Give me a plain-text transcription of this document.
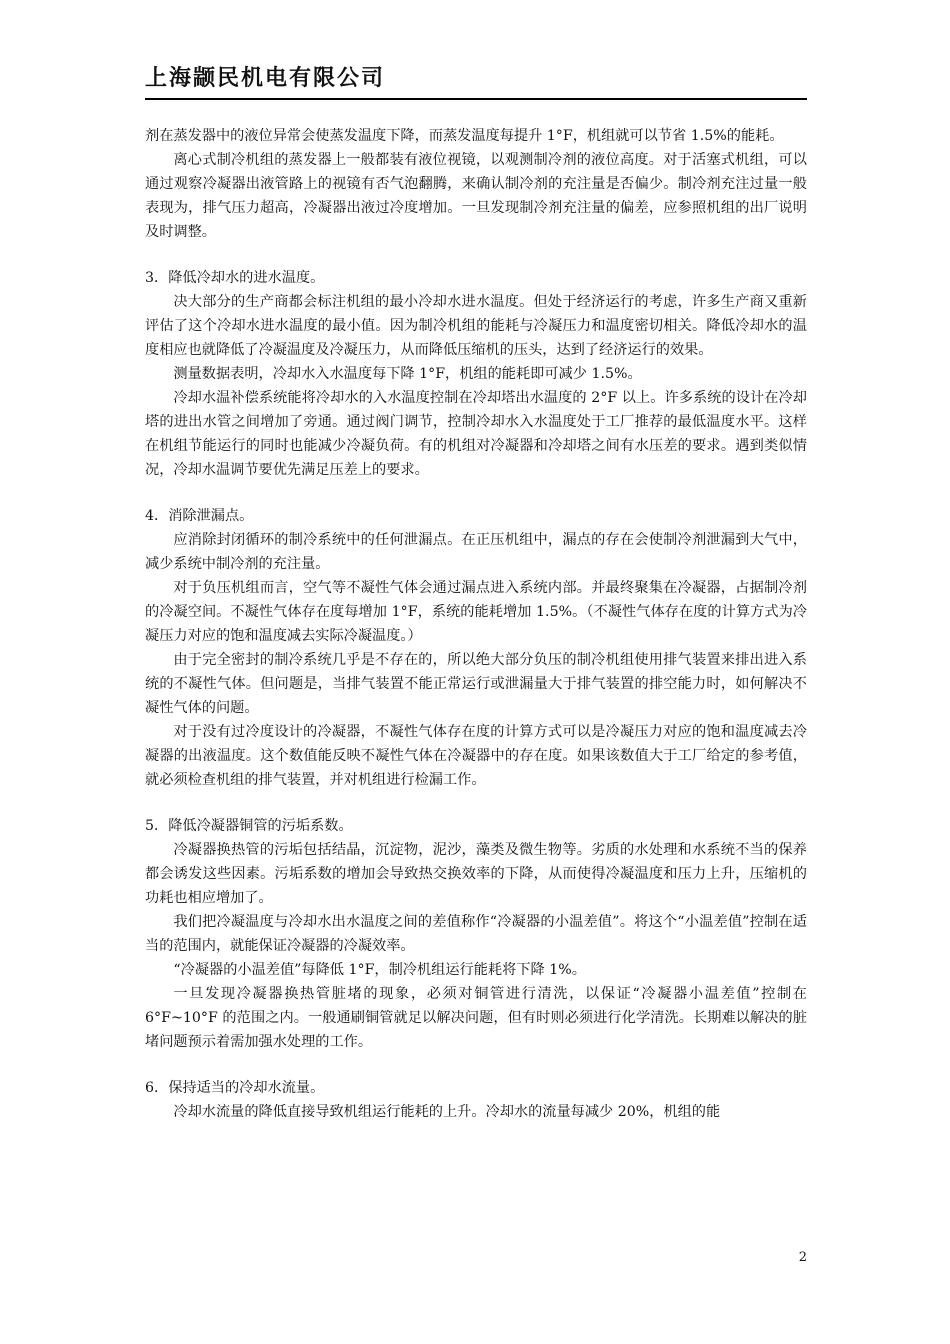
上海颛民机电有限公司

剂在蒸发器中的液位异常会使蒸发温度下降，而蒸发温度每提升 1°F，机组就可以节省 1.5%的能耗。

离心式制冷机组的蒸发器上一般都装有液位视镜，以观测制冷剂的液位高度。对于活塞式机组，可以通过观察冷凝器出液管路上的视镜有否气泡翻腾，来确认制冷剂的充注量是否偏少。制冷剂充注过量一般表现为，排气压力超高，冷凝器出液过冷度增加。一旦发现制冷剂充注量的偏差，应参照机组的出厂说明及时调整。

3．降低冷却水的进水温度。

决大部分的生产商都会标注机组的最小冷却水进水温度。但处于经济运行的考虑，许多生产商又重新评估了这个冷却水进水温度的最小值。因为制冷机组的能耗与冷凝压力和温度密切相关。降低冷却水的温度相应也就降低了冷凝温度及冷凝压力，从而降低压缩机的压头，达到了经济运行的效果。

测量数据表明，冷却水入水温度每下降 1°F，机组的能耗即可减少 1.5%。

冷却水温补偿系统能将冷却水的入水温度控制在冷却塔出水温度的 2°F 以上。许多系统的设计在冷却塔的进出水管之间增加了旁通。通过阀门调节，控制冷却水入水温度处于工厂推荐的最低温度水平。这样在机组节能运行的同时也能减少冷凝负荷。有的机组对冷凝器和冷却塔之间有水压差的要求。遇到类似情况，冷却水温调节要优先满足压差上的要求。

4．消除泄漏点。

应消除封闭循环的制冷系统中的任何泄漏点。在正压机组中，漏点的存在会使制冷剂泄漏到大气中，减少系统中制冷剂的充注量。

对于负压机组而言，空气等不凝性气体会通过漏点进入系统内部。并最终聚集在冷凝器，占据制冷剂的冷凝空间。不凝性气体存在度每增加 1°F，系统的能耗增加 1.5%。（不凝性气体存在度的计算方式为冷凝压力对应的饱和温度减去实际冷凝温度。）

由于完全密封的制冷系统几乎是不存在的，所以绝大部分负压的制冷机组使用排气装置来排出进入系统的不凝性气体。但问题是，当排气装置不能正常运行或泄漏量大于排气装置的排空能力时，如何解决不凝性气体的问题。

对于没有过冷度设计的冷凝器，不凝性气体存在度的计算方式可以是冷凝压力对应的饱和温度减去冷凝器的出液温度。这个数值能反映不凝性气体在冷凝器中的存在度。如果该数值大于工厂给定的参考值，就必须检查机组的排气装置，并对机组进行检漏工作。

5．降低冷凝器铜管的污垢系数。

冷凝器换热管的污垢包括结晶，沉淀物，泥沙，藻类及微生物等。劣质的水处理和水系统不当的保养都会诱发这些因素。污垢系数的增加会导致热交换效率的下降，从而使得冷凝温度和压力上升，压缩机的功耗也相应增加了。

我们把冷凝温度与冷却水出水温度之间的差值称作“冷凝器的小温差值”。将这个“小温差值”控制在适当的范围内，就能保证冷凝器的冷凝效率。

“冷凝器的小温差值”每降低 1°F，制冷机组运行能耗将下降 1%。

一旦发现冷凝器换热管脏堵的现象，必须对铜管进行清洗，以保证“冷凝器小温差值”控制在 6°F~10°F 的范围之内。一般通刷铜管就足以解决问题，但有时则必须进行化学清洗。长期难以解决的脏堵问题预示着需加强水处理的工作。

6．保持适当的冷却水流量。

冷却水流量的降低直接导致机组运行能耗的上升。冷却水的流量每减少 20%，机组的能

2
